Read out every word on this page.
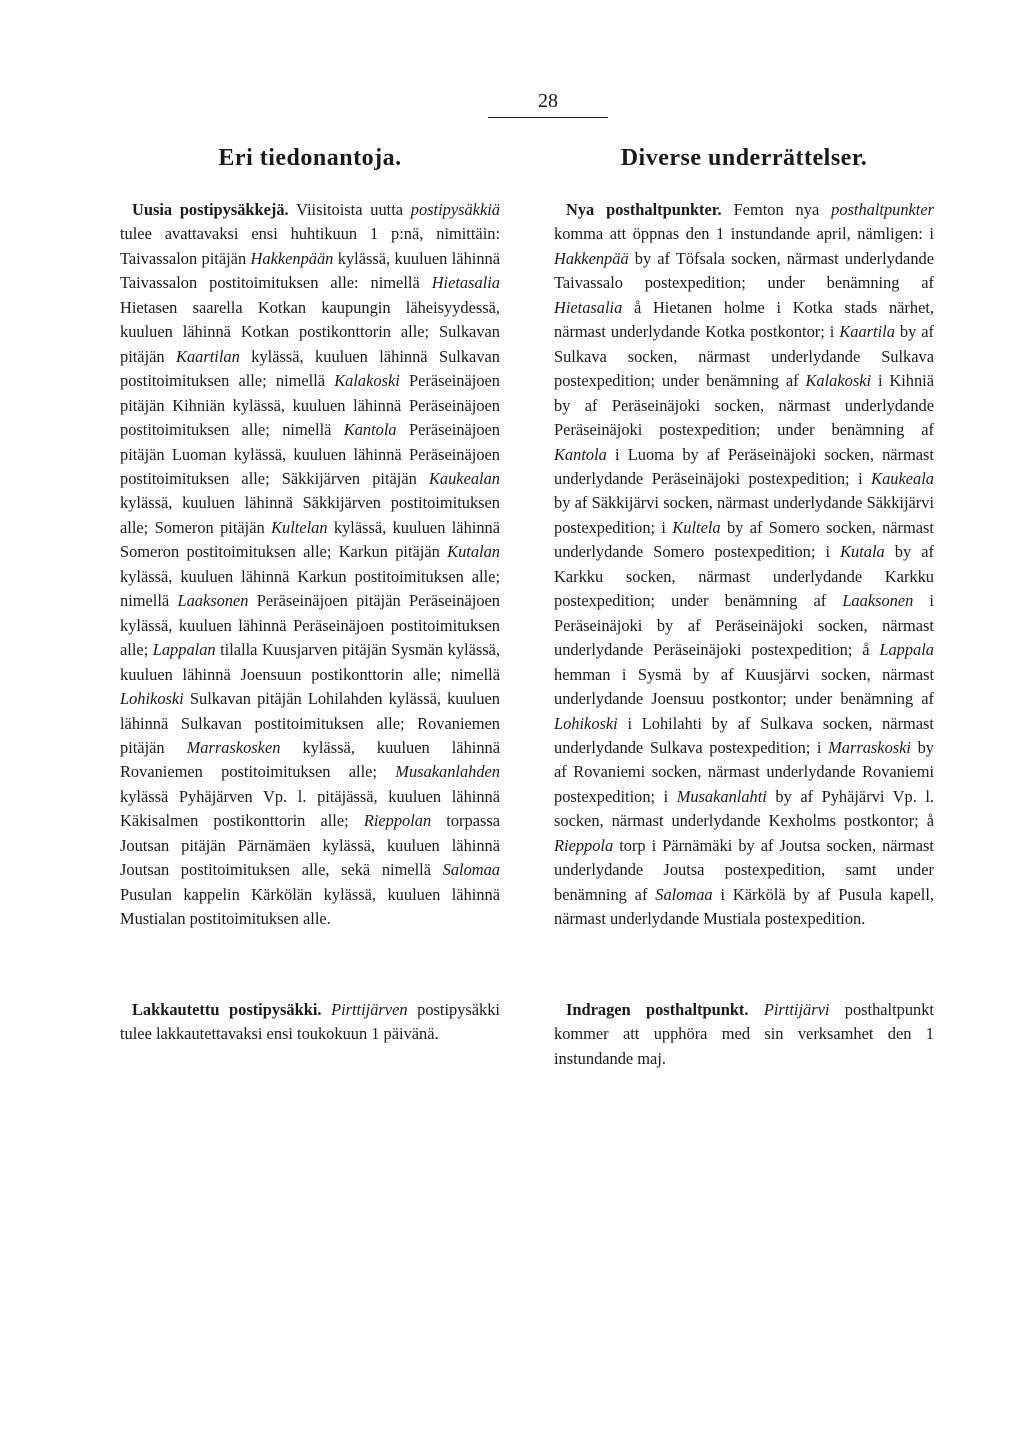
28
Eri tiedonantoja.

Uusia postipysäkkejä. Viisitoista uutta postipysäkkiä tulee avattavaksi ensi huhtikuun 1 p:nä, nimittäin: Taivassalon pitäjän Hakkenpään kylässä, kuuluen lähinnä Taivassalon postitoimituksen alle: nimellä Hietasalia Hietasen saarella Kotkan kaupungin läheisyydessä, kuuluen lähinnä Kotkan postikonttorin alle; Sulkavan pitäjän Kaartilan kylässä, kuuluen lähinnä Sulkavan postitoimituksen alle; nimellä Kalakoski Peräseinäjoen pitäjän Kihniän kylässä, kuuluen lähinnä Peräseinäjoen postitoimituksen alle; nimellä Kantola Peräseinäjoen pitäjän Luoman kylässä, kuuluen lähinnä Peräseinäjoen postitoimituksen alle; Säkkijärven pitäjän Kaukealan kylässä, kuuluen lähinnä Säkkijärven postitoimituksen alle; Someron pitäjän Kultelan kylässä, kuuluen lähinnä Someron postitoimituksen alle; Karkun pitäjän Kutalan kylässä, kuuluen lähinnä Karkun postitoimituksen alle; nimellä Laaksonen Peräseinäjoen pitäjän Peräseinäjoen kylässä, kuuluen lähinnä Peräseinäjoen postitoimituksen alle; Lappalan tilalla Kuusjarven pitäjän Sysmän kylässä, kuuluen lähinnä Joensuun postikonttorin alle; nimellä Lohikoski Sulkavan pitäjän Lohilahden kylässä, kuuluen lähinnä Sulkavan postitoimituksen alle; Rovaniemen pitäjän Marraskosken kylässä, kuuluen lähinnä Rovaniemen postitoimituksen alle; Musakanlahden kylässä Pyhäjärven Vp. l. pitäjässä, kuuluen lähinnä Käkisalmen postikonttorin alle; Rieppolan torpassa Joutsan pitäjän Pärnämäen kylässä, kuuluen lähinnä Joutsan postitoimituksen alle, sekä nimellä Salomaa Pusulan kappelin Kärkölän kylässä, kuuluen lähinnä Mustialan postitoimituksen alle.

Lakkautettu postipysäkki. Pirttijärven postipysäkki tulee lakkautettavaksi ensi toukokuun 1 päivänä.

Diverse underrättelser.

Nya posthaltpunkter. Femton nya posthaltpunkter komma att öppnas den 1 instundande april, nämligen: i Hakkenpää by af Töfsala socken, närmast underlydande Taivassalo postexpedition; under benämning af Hietasalia å Hietanen holme i Kotka stads närhet, närmast underlydande Kotka postkontor; i Kaartila by af Sulkava socken, närmast underlydande Sulkava postexpedition; under benämning af Kalakoski i Kihniä by af Peräseinäjoki socken, närmast underlydande Peräseinäjoki postexpedition; under benämning af Kantola i Luoma by af Peräseinäjoki socken, närmast underlydande Peräseinäjoki postexpedition; i Kaukeala by af Säkkijärvi socken, närmast underlydande Säkkijärvi postexpedition; i Kultela by af Somero socken, närmast underlydande Somero postexpedition; i Kutala by af Karkku socken, närmast underlydande Karkku postexpedition; under benämning af Laaksonen i Peräseinäjoki by af Peräseinäjoki socken, närmast underlydande Peräseinäjoki postexpedition; å Lappala hemman i Sysmä by af Kuusjärvi socken, närmast underlydande Joensuu postkontor; under benämning af Lohikoski i Lohilahti by af Sulkava socken, närmast underlydande Sulkava postexpedition; i Marraskoski by af Rovaniemi socken, närmast underlydande Rovaniemi postexpedition; i Musakanlahti by af Pyhäjärvi Vp. l. socken, närmast underlydande Kexholms postkontor; å Rieppola torp i Pärnämäki by af Joutsa socken, närmast underlydande Joutsa postexpedition, samt under benämning af Salomaa i Kärkölä by af Pusula kapell, närmast underlydande Mustiala postexpedition.

Indragen posthaltpunkt. Pirttijärvi posthaltpunkt kommer att upphöra med sin verksamhet den 1 instundande maj.
